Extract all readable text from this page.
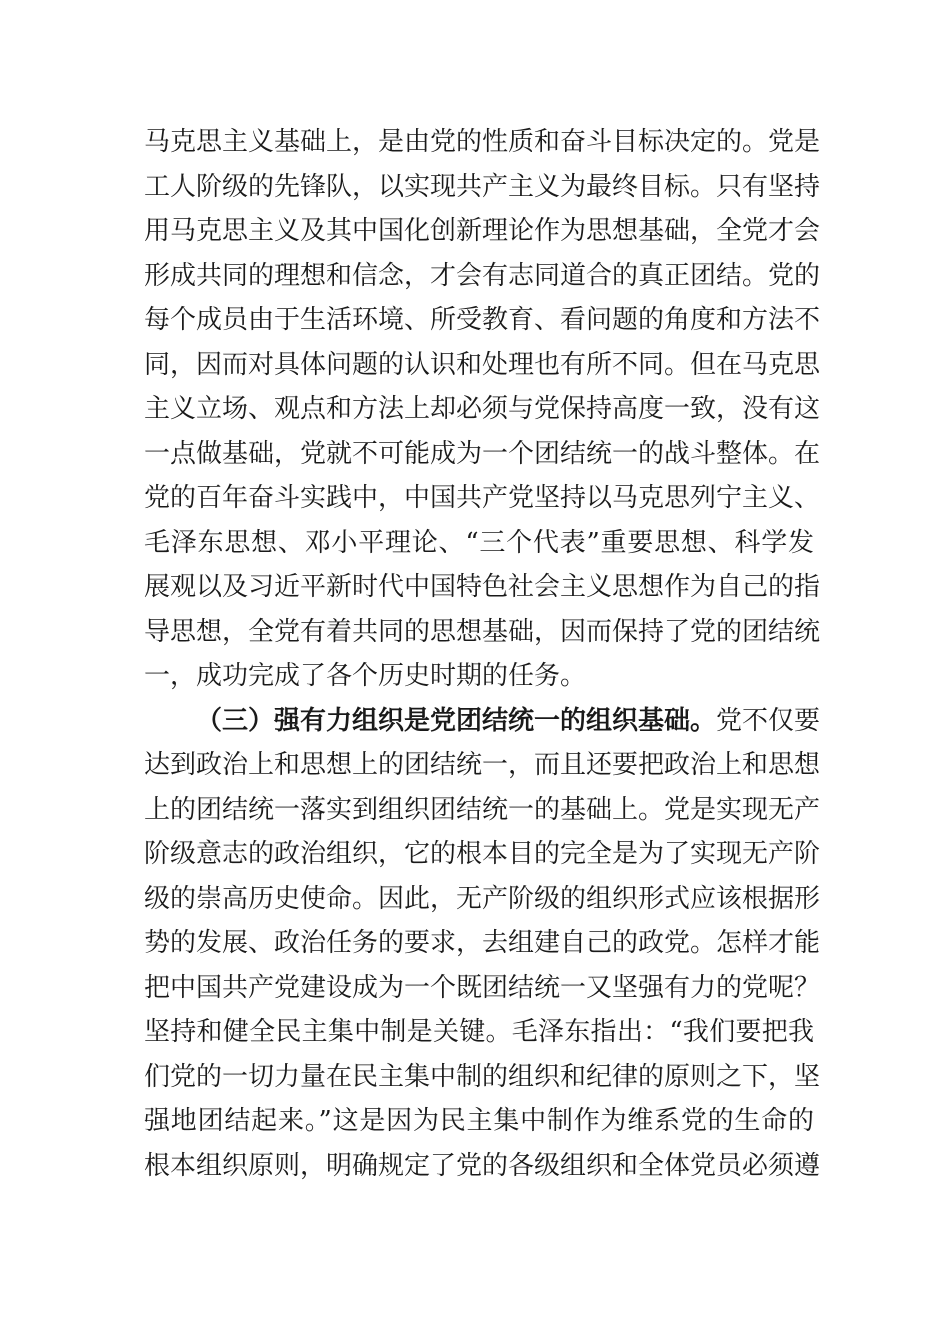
马克思主义基础上，是由党的性质和奋斗目标决定的。党是
工人阶级的先锋队，以实现共产主义为最终目标。只有坚持
用马克思主义及其中国化创新理论作为思想基础，全党才会
形成共同的理想和信念，才会有志同道合的真正团结。党的
每个成员由于生活环境、所受教育、看问题的角度和方法不
同，因而对具体问题的认识和处理也有所不同。但在马克思
主义立场、观点和方法上却必须与党保持高度一致，没有这
一点做基础，党就不可能成为一个团结统一的战斗整体。在
党的百年奋斗实践中，中国共产党坚持以马克思列宁主义、
毛泽东思想、邓小平理论、“三个代表”重要思想、科学发
展观以及习近平新时代中国特色社会主义思想作为自己的指
导思想，全党有着共同的思想基础，因而保持了党的团结统
一，成功完成了各个历史时期的任务。
（三）强有力组织是党团结统一的组织基础。党不仅要
达到政治上和思想上的团结统一，而且还要把政治上和思想
上的团结统一落实到组织团结统一的基础上。党是实现无产
阶级意志的政治组织，它的根本目的完全是为了实现无产阶
级的崇高历史使命。因此，无产阶级的组织形式应该根据形
势的发展、政治任务的要求，去组建自己的政党。怎样才能
把中国共产党建设成为一个既团结统一又坚强有力的党呢？
坚持和健全民主集中制是关键。毛泽东指出：“我们要把我
们党的一切力量在民主集中制的组织和纪律的原则之下，坚
强地团结起来。”这是因为民主集中制作为维系党的生命的
根本组织原则，明确规定了党的各级组织和全体党员必须遵
